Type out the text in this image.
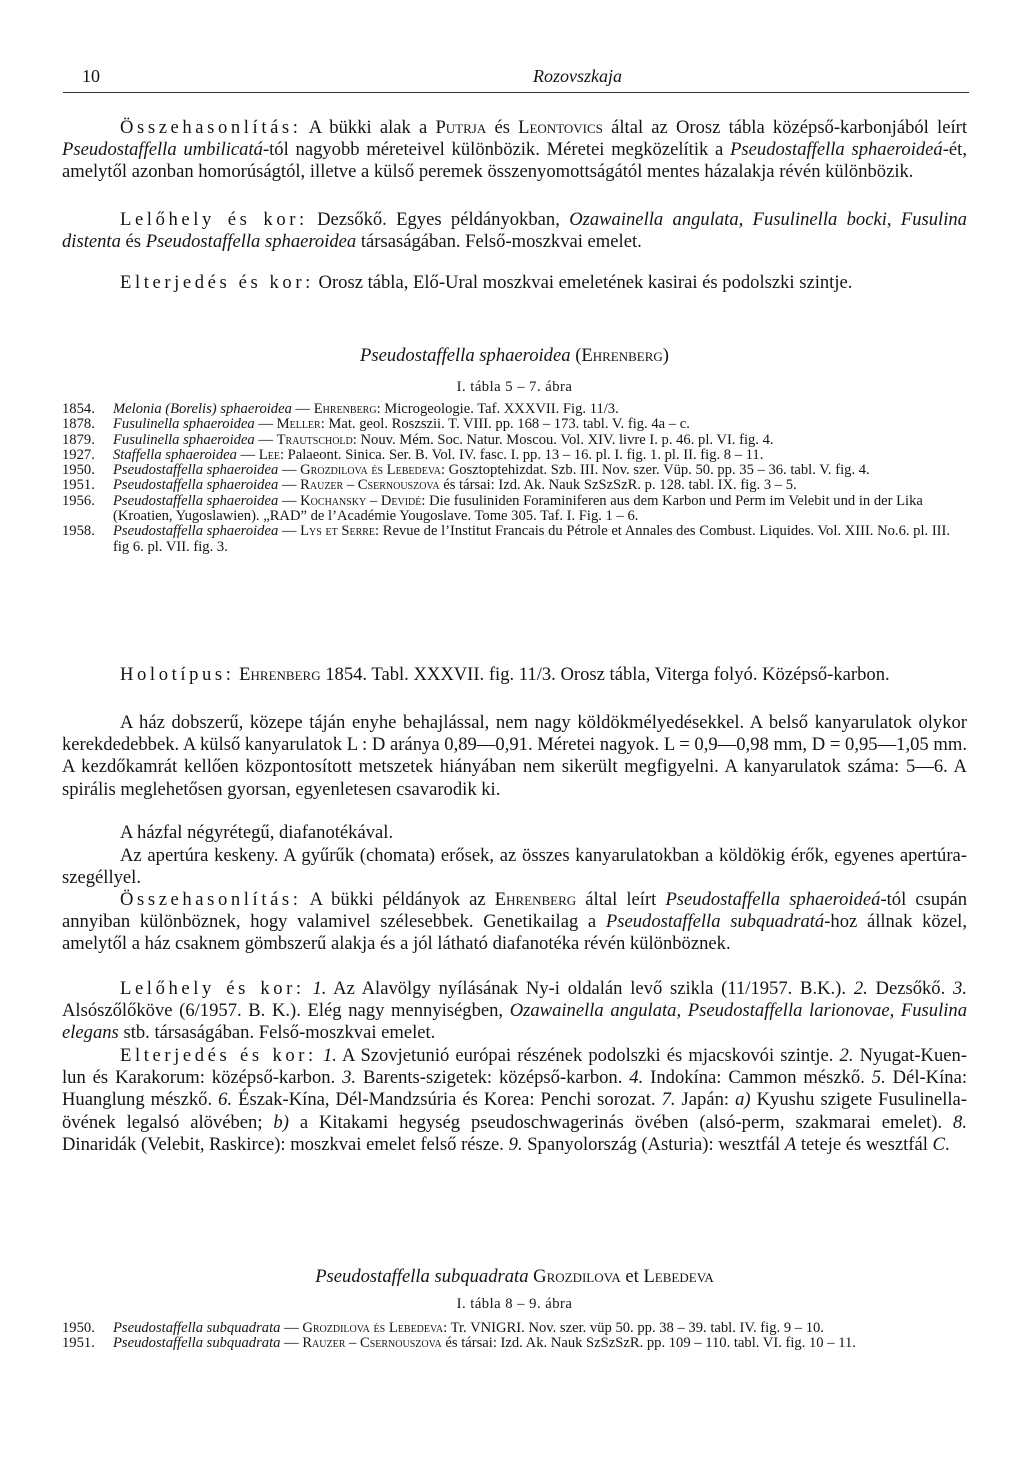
10	Rozovszkaja

Összehasonlítás: A bükki alak a Putrja és Leontovics által az Orosz tábla középső-karbonjából leírt Pseudostaffella umbilicatá-tól nagyobb méreteivel különbözik. Méretei megközelítik a Pseudostaffella sphaeroideá-ét, amelytől azonban homorúságtól, illetve a külső peremek összenyomottságától mentes házalakja révén különbözik.

Lelőhely és kor: Dezsőkő. Egyes példányokban, Ozawainella angulata, Fusulinella bocki, Fusulina distenta és Pseudostaffella sphaeroidea társaságában. Felső-moszkvai emelet.

Elterjedés és kor: Orosz tábla, Elő-Ural moszkvai emeletének kasirai és podolszki szintje.

Pseudostaffella sphaeroidea (Ehrenberg)

I. tábla 5 – 7. ábra

1854. Melonia (Borelis) sphaeroidea — Ehrenberg: Microgeologie. Taf. XXXVII. Fig. 11/3.

1878. Fusulinella sphaeroidea — Meller: Mat. geol. Roszszii. T. VIII. pp. 168 – 173. tabl. V. fig. 4a – c.

1879. Fusulinella sphaeroidea — Trautschold: Nouv. Mém. Soc. Natur. Moscou. Vol. XIV. livre I. p. 46. pl. VI. fig. 4.

1927. Staffella sphaeroidea — Lee: Palaeont. Sinica. Ser. B. Vol. IV. fasc. I. pp. 13 – 16. pl. I. fig. 1. pl. II. fig. 8 – 11.

1950. Pseudostaffella sphaeroidea — Grozdilova és Lebedeva: Gosztoptehizdat. Szb. III. Nov. szer. Vüp. 50. pp. 35 – 36. tabl. V. fig. 4.

1951. Pseudostaffella sphaeroidea — Rauzer – Csernouszova és társai: Izd. Ak. Nauk SzSzSzR. p. 128. tabl. IX. fig. 3 – 5.

1956. Pseudostaffella sphaeroidea — Kochansky – Devidé: Die fusuliniden Foraminiferen aus dem Karbon und Perm im Velebit und in der Lika (Kroatien, Yugoslawien). „RAD” de l’Académie Yougoslave. Tome 305. Taf. I. Fig. 1 – 6.

1958. Pseudostaffella sphaeroidea — Lys et Serre: Revue de l’Institut Francais du Pétrole et Annales des Combust. Liquides. Vol. XIII. No.6. pl. III. fig 6. pl. VII. fig. 3.

Holotípus: Ehrenberg 1854. Tabl. XXXVII. fig. 11/3. Orosz tábla, Viterga folyó. Középső-karbon.

A ház dobszerű, közepe táján enyhe behajlással, nem nagy köldökmélyedésekkel. A belső kanyarulatok olykor kerekdedebbek. A külső kanyarulatok L : D aránya 0,89—0,91. Méretei nagyok. L = 0,9—0,98 mm, D = 0,95—1,05 mm. A kezdőkamrát kellően központosított metszetek hiányában nem sikerült megfigyelni. A kanyarulatok száma: 5—6. A spirális meglehetősen gyorsan, egyenletesen csavarodik ki.

A házfal négyrétegű, diafanotékával.

Az apertúra keskeny. A gyűrűk (chomata) erősek, az összes kanyarulatokban a köldökig érők, egyenes apertúra-szegéllyel.

Összehasonlítás: A bükki példányok az Ehrenberg által leírt Pseudostaffella sphaeroideá-tól csupán annyiban különböznek, hogy valamivel szélesebbek. Genetikailag a Pseudostaffella subquadratá-hoz állnak közel, amelytől a ház csaknem gömbszerű alakja és a jól látható diafanotéka révén különböznek.

Lelőhely és kor: 1. Az Alavölgy nyílásának Ny-i oldalán levő szikla (11/1957. B.K.). 2. Dezsőkő. 3. Alsószőlőköve (6/1957. B. K.). Elég nagy mennyiségben, Ozawainella angulata, Pseudostaffella larionovae, Fusulina elegans stb. társaságában. Felső-moszkvai emelet.

Elterjedés és kor: 1. A Szovjetunió európai részének podolszki és mjacskovói szintje. 2. Nyugat-Kuen-lun és Karakorum: középső-karbon. 3. Barents-szigetek: középső-karbon. 4. Indokína: Cammon mészkő. 5. Dél-Kína: Huanglung mészkő. 6. Észak-Kína, Dél-Mandzsúria és Korea: Penchi sorozat. 7. Japán: a) Kyushu szigete Fusulinella-övének legalsó alövében; b) a Kitakami hegység pseudoschwagerinás övében (alsó-perm, szakmarai emelet). 8. Dinaridák (Velebit, Raskirce): moszkvai emelet felső része. 9. Spanyolország (Asturia): wesztfál A teteje és wesztfál C.

Pseudostaffella subquadrata Grozdilova et Lebedeva

I. tábla 8 – 9. ábra

1950. Pseudostaffella subquadrata — Grozdilova és Lebedeva: Tr. VNIGRI. Nov. szer. vüp 50. pp. 38 – 39. tabl. IV. fig. 9 – 10.

1951. Pseudostaffella subquadrata — Rauzer – Csernouszova és társai: Izd. Ak. Nauk SzSzSzR. pp. 109 – 110. tabl. VI. fig. 10 – 11.
